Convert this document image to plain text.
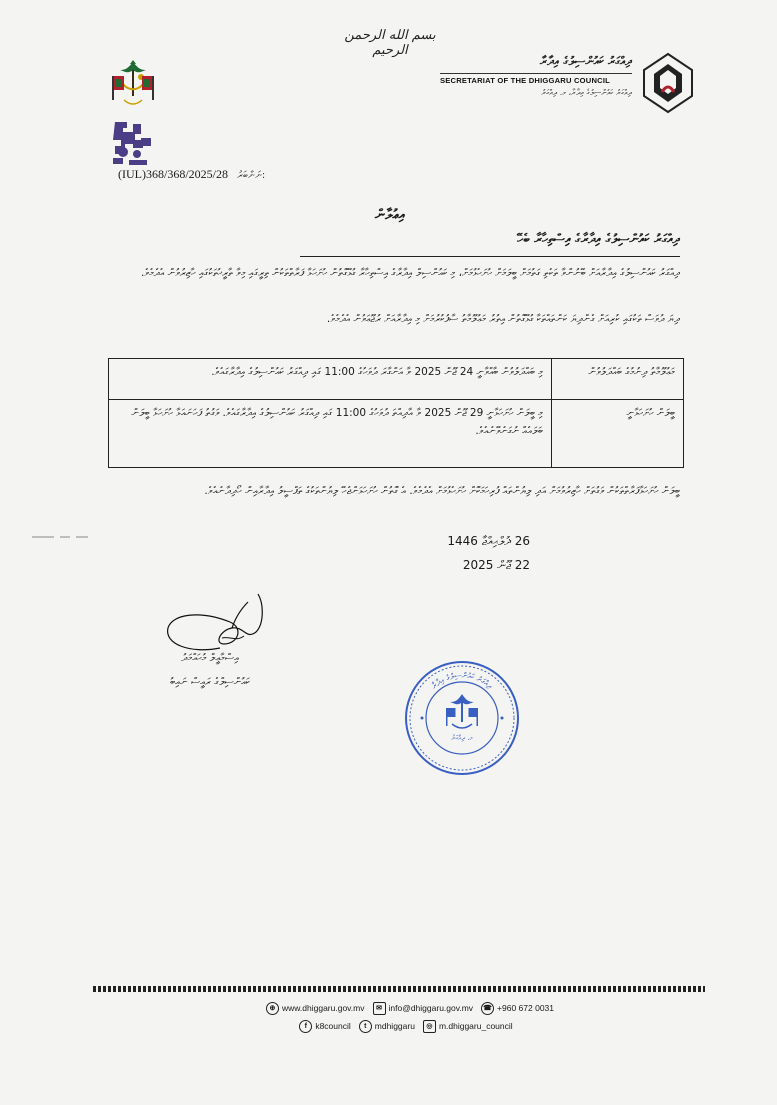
بسم الله الرحمن الرحيم
ދިއްގަރު ކައުންސިލުގެ އިދާރާ
SECRETARIAT OF THE DHIGGARU COUNCIL
ދިއްގަރު ކައުންސިލުގެ އިދާރާ، މ. ދިއްގަރު
(IUL)368/368/2025/28 ނަންބަރު:
އިޢުލާން
ދިއްގަރު ކައުންސިލުގެ އިދާރާގެ އިސްތިހާރާ ބެހޭ
ދިއްގަރު ކައުންސިލުގެ އިދާރާއަށް ބޭނުންވާ ތަކެތި ގަތުމަށް ބީލަމަށް ހުށަހެޅުމަށް، މި ކައުންސިލް އިދާރާގެ އިސްތިހާރާ ގުޅޭގޮތުން ހުށަހަޅާ ފަރާތްތަކުން ތިރީގައި މިވާ ތާރީޚުތަކުގައި ހާޒިރުވުން އެދެމެވެ.
ދިޔަ ދުވަސް ތަކުގައި ކުރިއަށް ގެންދިޔަ ކަންތައްތަކާ ގުޅޭގޮތުން އިތުރު މަޢުލޫމާތު ސާފުކުރުމަށް މި އިދާރާއަށް ރުޖޫޢަވުން އެދެމެވެ.
މަޢުލޫމާތު ދިނުމުގެ ބައްދަލުވުން	މި ބައްދަލުވުން ބާއްވާނީ 24 ޖޫން 2025 ވާ އަންގާރަ ދުވަހުގެ 11:00 ގައި ދިއްގަރު ކައުންސިލުގެ އިދާރާގައެވެ.
ބީލަން ހުށަހަޅާނީ	މި ބީލަން ހުށަހަޅާނީ 29 ޖޫން 2025 ވާ އާދިއްތަ ދުވަހުގެ 11:00 ގައި ދިއްގަރު ކައުންސިލުގެ އިދާރާގައެވެ. ވަގުތު ފަހަނައަޅާ ހުށަހަޅާ ބީލަން ބަލައެއް ނުގަނެވޭނެއެވެ.
ބީލަން ހުށަހަޅާފަރާތްތަކުން ވަގުތަށް ހާޒިރުވުމަށް އަދި ލިޔުންތައް ފުރިހަމަކޮށް ހުށަހެޅުމަށް އެދެމެވެ. އެ ގޮތުން ހުށަހަޅަންޖެހޭ ލިޔުންތަކުގެ ތަފްސީލު އިދާރާއިން ހޯދިދާނެއެވެ.
26 ޛުލްޙިއްޖާ 1446
22 ޖޫން 2025
އިސްމާޢީލް މުޙައްމަދު
ކައުންސިލްގެ ރައީސް ނައިބު	ދިއްގަރު ކައުންސިލުގެ އިދާރާ
މ. ދިއްގަރު
⊕ www.dhiggaru.gov.mv	✉ info@dhiggaru.gov.mv	☎ +960 672 0031
f k8council	t mdhiggaru	◎ m.dhiggaru_council
